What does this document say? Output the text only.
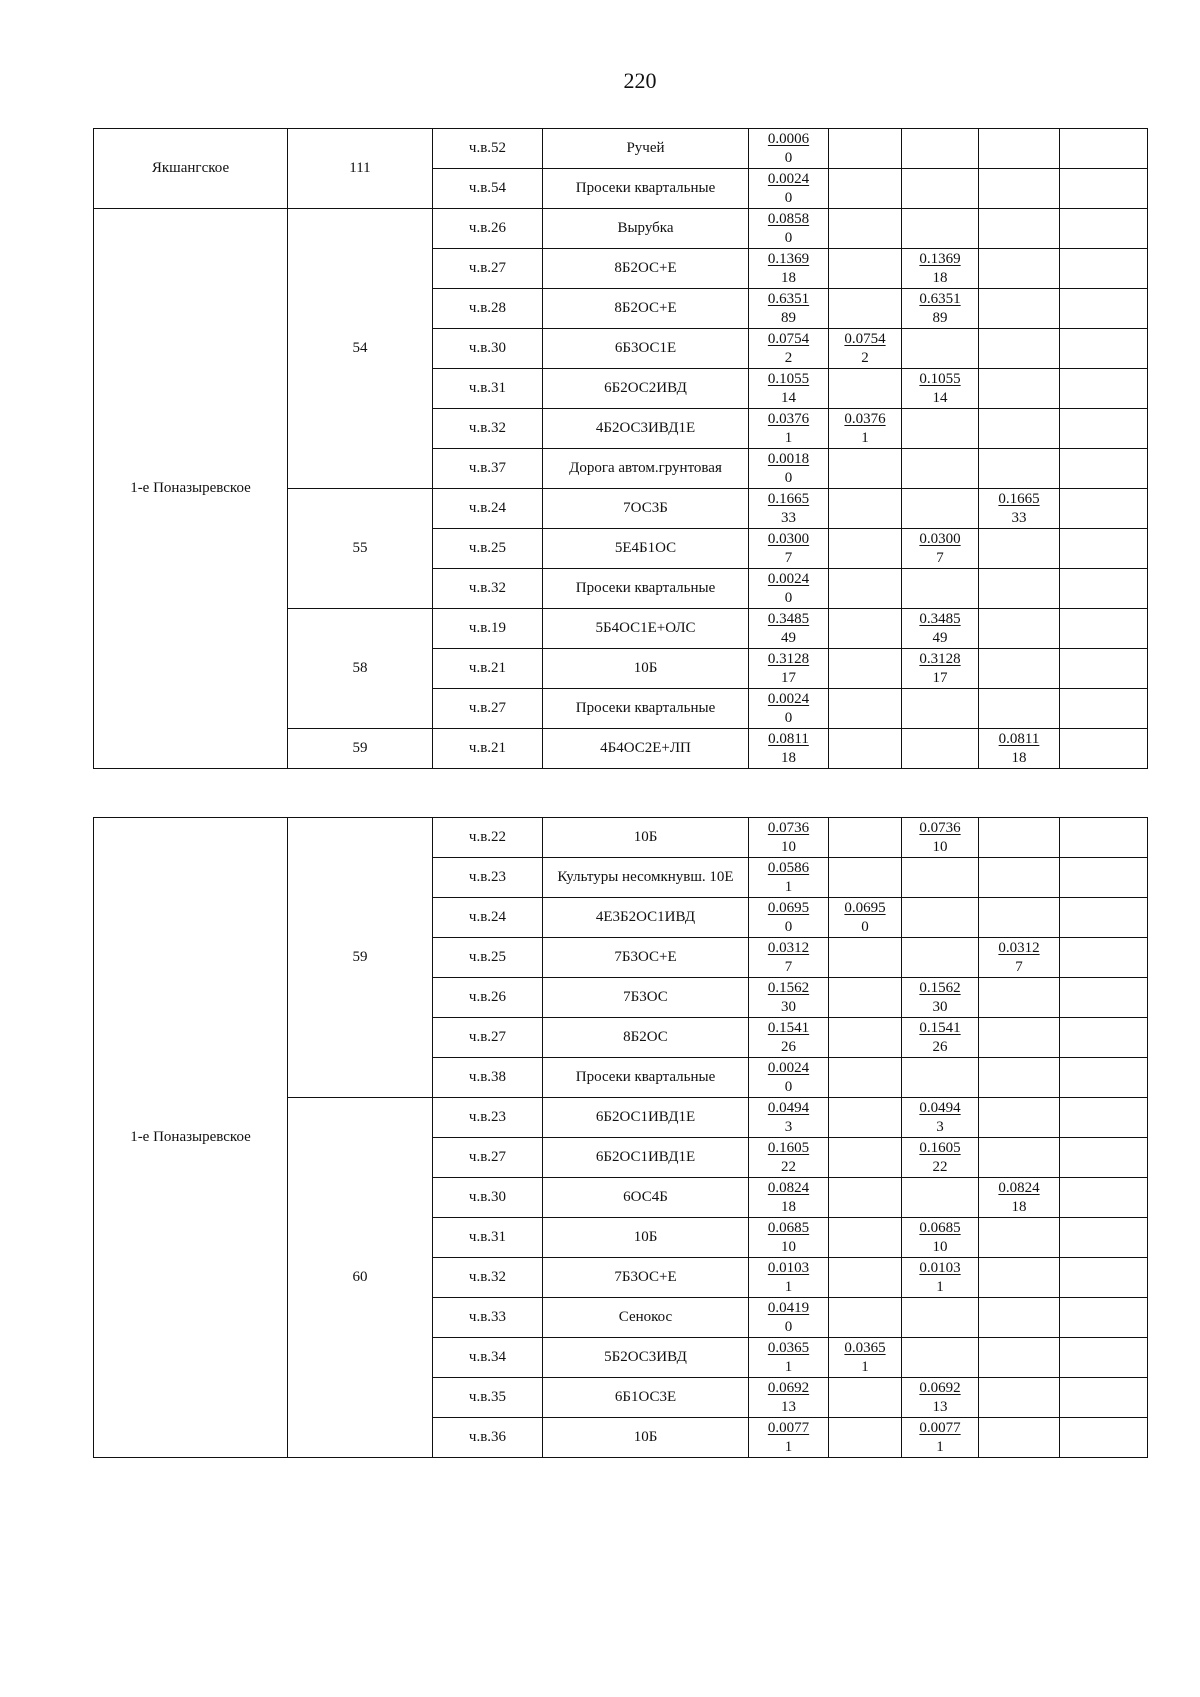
220
Якшангское	111	ч.в.52	Ручей	$\frac{0.0006}{0}$

		ч.в.54	Просеки квартальные	$\frac{0.0024}{0}$

1-е Поназыревское	54	ч.в.26	Вырубка	$\frac{0.0858}{0}$

		ч.в.27	8Б2ОС+Е	$\frac{0.1369}{18}$		$\frac{0.1369}{18}$

		ч.в.28	8Б2ОС+Е	$\frac{0.6351}{89}$		$\frac{0.6351}{89}$

		ч.в.30	6Б3ОС1Е	$\frac{0.0754}{2}$	$\frac{0.0754}{2}$

		ч.в.31	6Б2ОС2ИВД	$\frac{0.1055}{14}$		$\frac{0.1055}{14}$

		ч.в.32	4Б2ОС3ИВД1Е	$\frac{0.0376}{1}$	$\frac{0.0376}{1}$

		ч.в.37	Дорога автом.грунтовая	$\frac{0.0018}{0}$

	55	ч.в.24	7ОС3Б	$\frac{0.1665}{33}$			$\frac{0.1665}{33}$

		ч.в.25	5Е4Б1ОС	$\frac{0.0300}{7}$		$\frac{0.0300}{7}$

		ч.в.32	Просеки квартальные	$\frac{0.0024}{0}$

	58	ч.в.19	5Б4ОС1Е+ОЛС	$\frac{0.3485}{49}$		$\frac{0.3485}{49}$

		ч.в.21	10Б	$\frac{0.3128}{17}$		$\frac{0.3128}{17}$

		ч.в.27	Просеки квартальные	$\frac{0.0024}{0}$

	59	ч.в.21	4Б4ОС2Е+ЛП	$\frac{0.0811}{18}$			$\frac{0.0811}{18}$

1-е Поназыревское	59	ч.в.22	10Б	$\frac{0.0736}{10}$		$\frac{0.0736}{10}$

		ч.в.23	Культуры несомкнувш. 10Е	$\frac{0.0586}{1}$

		ч.в.24	4Е3Б2ОС1ИВД	$\frac{0.0695}{0}$	$\frac{0.0695}{0}$

		ч.в.25	7Б3ОС+Е	$\frac{0.0312}{7}$			$\frac{0.0312}{7}$

		ч.в.26	7Б3ОС	$\frac{0.1562}{30}$		$\frac{0.1562}{30}$

		ч.в.27	8Б2ОС	$\frac{0.1541}{26}$		$\frac{0.1541}{26}$

		ч.в.38	Просеки квартальные	$\frac{0.0024}{0}$

	60	ч.в.23	6Б2ОС1ИВД1Е	$\frac{0.0494}{3}$		$\frac{0.0494}{3}$

		ч.в.27	6Б2ОС1ИВД1Е	$\frac{0.1605}{22}$		$\frac{0.1605}{22}$

		ч.в.30	6ОС4Б	$\frac{0.0824}{18}$			$\frac{0.0824}{18}$

		ч.в.31	10Б	$\frac{0.0685}{10}$		$\frac{0.0685}{10}$

		ч.в.32	7Б3ОС+Е	$\frac{0.0103}{1}$		$\frac{0.0103}{1}$

		ч.в.33	Сенокос	$\frac{0.0419}{0}$

		ч.в.34	5Б2ОС3ИВД	$\frac{0.0365}{1}$	$\frac{0.0365}{1}$

		ч.в.35	6Б1ОС3Е	$\frac{0.0692}{13}$		$\frac{0.0692}{13}$

		ч.в.36	10Б	$\frac{0.0077}{1}$		$\frac{0.0077}{1}$
